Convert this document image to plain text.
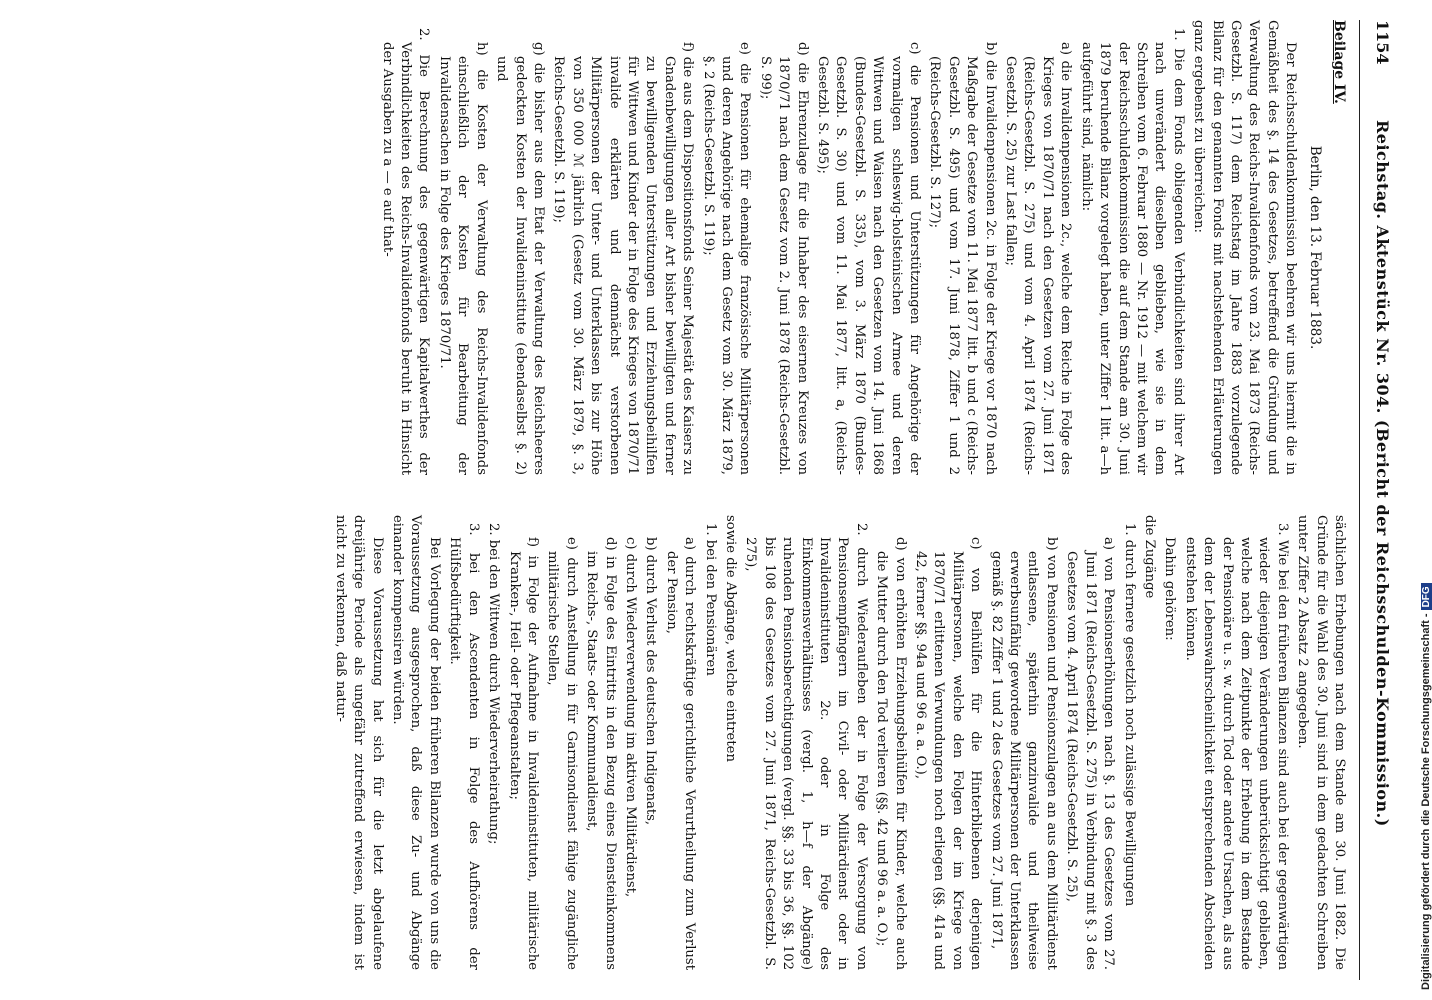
1154
Reichstag. Aktenstück Nr. 304. (Bericht der Reichsschulden-Kommission.)
Beilage IV.
Berlin, den 13. Februar 1883.

Der Reichsschuldenkommission beehren wir uns hiermit die in Gemäßheit des §. 14 des Gesetzes, betreffend die Gründung und Verwaltung des Reichs-Invalidenfonds vom 23. Mai 1873 (Reichs-Gesetzbl. S. 117) dem Reichstag im Jahre 1883 vorzulegende Bilanz für den genannten Fonds mit nachstehenden Erläuterungen ganz ergebenst zu überreichen:

1. Die dem Fonds obliegenden Verbindlichkeiten sind ihrer Art nach unverändert dieselben geblieben, wie sie in dem Schreiben vom 6. Februar 1880 — Nr. 1912 — mit welchem wir der Reichsschuldenkommission die auf dem Stande am 30. Juni 1879 beruhende Bilanz vorgelegt haben, unter Ziffer 1 litt. a—h aufgeführt sind, nämlich:

a) die Invalidenpensionen 2c., welche dem Reiche in Folge des Krieges von 1870/71 nach den Gesetzen vom 27. Juni 1871 (Reichs-Gesetzbl. S. 275) und vom 4. April 1874 (Reichs-Gesetzbl. S. 25) zur Last fallen;

b) die Invalidenpensionen 2c. in Folge der Kriege vor 1870 nach Maßgabe der Gesetze vom 11. Mai 1877 litt. b und c (Reichs-Gesetzbl. S. 495) und vom 17. Juni 1878, Ziffer 1 und 2 (Reichs-Gesetzbl. S. 127);

c) die Pensionen und Unterstützungen für Angehörige der vormaligen schleswig-holsteinischen Armee und deren Wittwen und Waisen nach den Gesetzen vom 14. Juni 1868 (Bundes-Gesetzbl. S. 335), vom 3. März 1870 (Bundes-Gesetzbl. S. 30) und vom 11. Mai 1877, litt. a, (Reichs-Gesetzbl. S. 495);

d) die Ehrenzulage für die Inhaber des eisernen Kreuzes von 1870/71 nach dem Gesetz vom 2. Juni 1878 (Reichs-Gesetzbl. S. 99);

e) die Pensionen für ehemalige französische Militärpersonen und deren Angehörige nach dem Gesetz vom 30. März 1879, §. 2 (Reichs-Gesetzbl. S. 119);

f) die aus dem Dispositionsfonds Seiner Majestät des Kaisers zu Gnadenbewilligungen aller Art bisher bewilligten und ferner zu bewilligenden Unterstützungen und Erziehungsbeihilfen für Wittwen und Kinder der in Folge des Krieges von 1870/71 invalide erklärten und demnächst verstorbenen Militärpersonen der Unter- und Unterklassen bis zur Höhe von 350 000 ℳ jährlich (Gesetz vom 30. März 1879, §. 3, Reichs-Gesetzbl. S. 119);

g) die bisher aus dem Etat der Verwaltung des Reichsheeres gedeckten Kosten der Invalideninstitute (ebendaselbst §. 2) und

h) die Kosten der Verwaltung des Reichs-Invalidenfonds einschließlich der Kosten für Bearbeitung der Invalidensachen in Folge des Krieges 1870/71.

2. Die Berechnung des gegenwärtigen Kapitalwerthes der Verbindlichkeiten des Reichs-Invalidenfonds beruht in Hinsicht der Ausgaben zu a — e auf that-

sächlichen Erhebungen nach dem Stande am 30. Juni 1882. Die Gründe für die Wahl des 30. Juni sind in dem gedachten Schreiben unter Ziffer 2 Absatz 2 angegeben.

3. Wie bei den früheren Bilanzen sind auch bei der gegenwärtigen wieder diejenigen Veränderungen unberücksichtigt geblieben, welche nach dem Zeitpunkte der Erhebung in dem Bestande der Pensionäre u. s. w. durch Tod oder andere Ursachen, als aus dem der Lebenswahrscheinlichkeit entsprechenden Abscheiden entstehen können.

Dahin gehören:

die Zugänge

1. durch fernere gesetzlich noch zulässige Bewilligungen

a) von Pensionserhöhungen nach §. 13 des Gesetzes vom 27. Juni 1871 (Reichs-Gesetzbl. S. 275) in Verbindung mit §. 3 des Gesetzes vom 4. April 1874 (Reichs-Gesetzbl. S. 25),

b) von Pensionen und Pensionszulagen an aus dem Militärdienst entlassene, späterhin ganzinvalide und theilweise erwerbsunfähig gewordene Militärpersonen der Unterklassen gemäß §. 82 Ziffer 1 und 2 des Gesetzes vom 27. Juni 1871,

c) von Beihülfen für die Hinterbliebenen derjenigen Militärpersonen, welche den Folgen der im Kriege von 1870/71 erlittenen Verwundungen noch erliegen (§§. 41a und 42, ferner §§. 94a und 96 a. a. O.),

d) von erhöhten Erziehungsbeihülfen für Kinder, welche auch die Mutter durch den Tod verlieren (§§. 42 und 96 a. a. O.);

2. durch Wiederaufleben der in Folge der Versorgung von Pensionsempfängern im Civil- oder Militärdienst oder in Invalideninstituten 2c. oder in Folge des Einkommensverhältnisses (vergl. 1, h—f der Abgänge) ruhenden Pensionsberechtigungen (vergl. §§. 33 bis 36, §§. 102 bis 108 des Gesetzes vom 27. Juni 1871, Reichs-Gesetzbl. S. 275),

sowie die Abgänge, welche eintreten

1. bei den Pensionären

a) durch rechtskräftige gerichtliche Verurtheilung zum Verlust der Pension,

b) durch Verlust des deutschen Indigenats,

c) durch Wiederverwendung im aktiven Militärdienst,

d) in Folge des Eintritts in den Bezug eines Diensteinkommens im Reichs-, Staats- oder Kommunaldienst,

e) durch Anstellung in für Garnisondienst fähige zugängliche militärische Stellen,

f) in Folge der Aufnahme in Invalideninstituten, militärische Kranken-, Heil- oder Pflegeanstalten;

2. bei den Wittwen durch Wiederverheirathung;

3. bei den Ascendenten in Folge des Aufhörens der Hülfsbedürftigkeit.

Bei Vorlegung der beiden früheren Bilanzen wurde von uns die Voraussetzung ausgesprochen, daß diese Zu- und Abgänge einander kompensiren würden.

Diese Voraussetzung hat sich für die letzt abgelaufene dreijährige Periode als ungefähr zutreffend erwiesen, indem ist nicht zu verkennen, daß natur-	Digitalisierung gefördert durch die Deutsche Forschungsgemeinschaft - DFG
